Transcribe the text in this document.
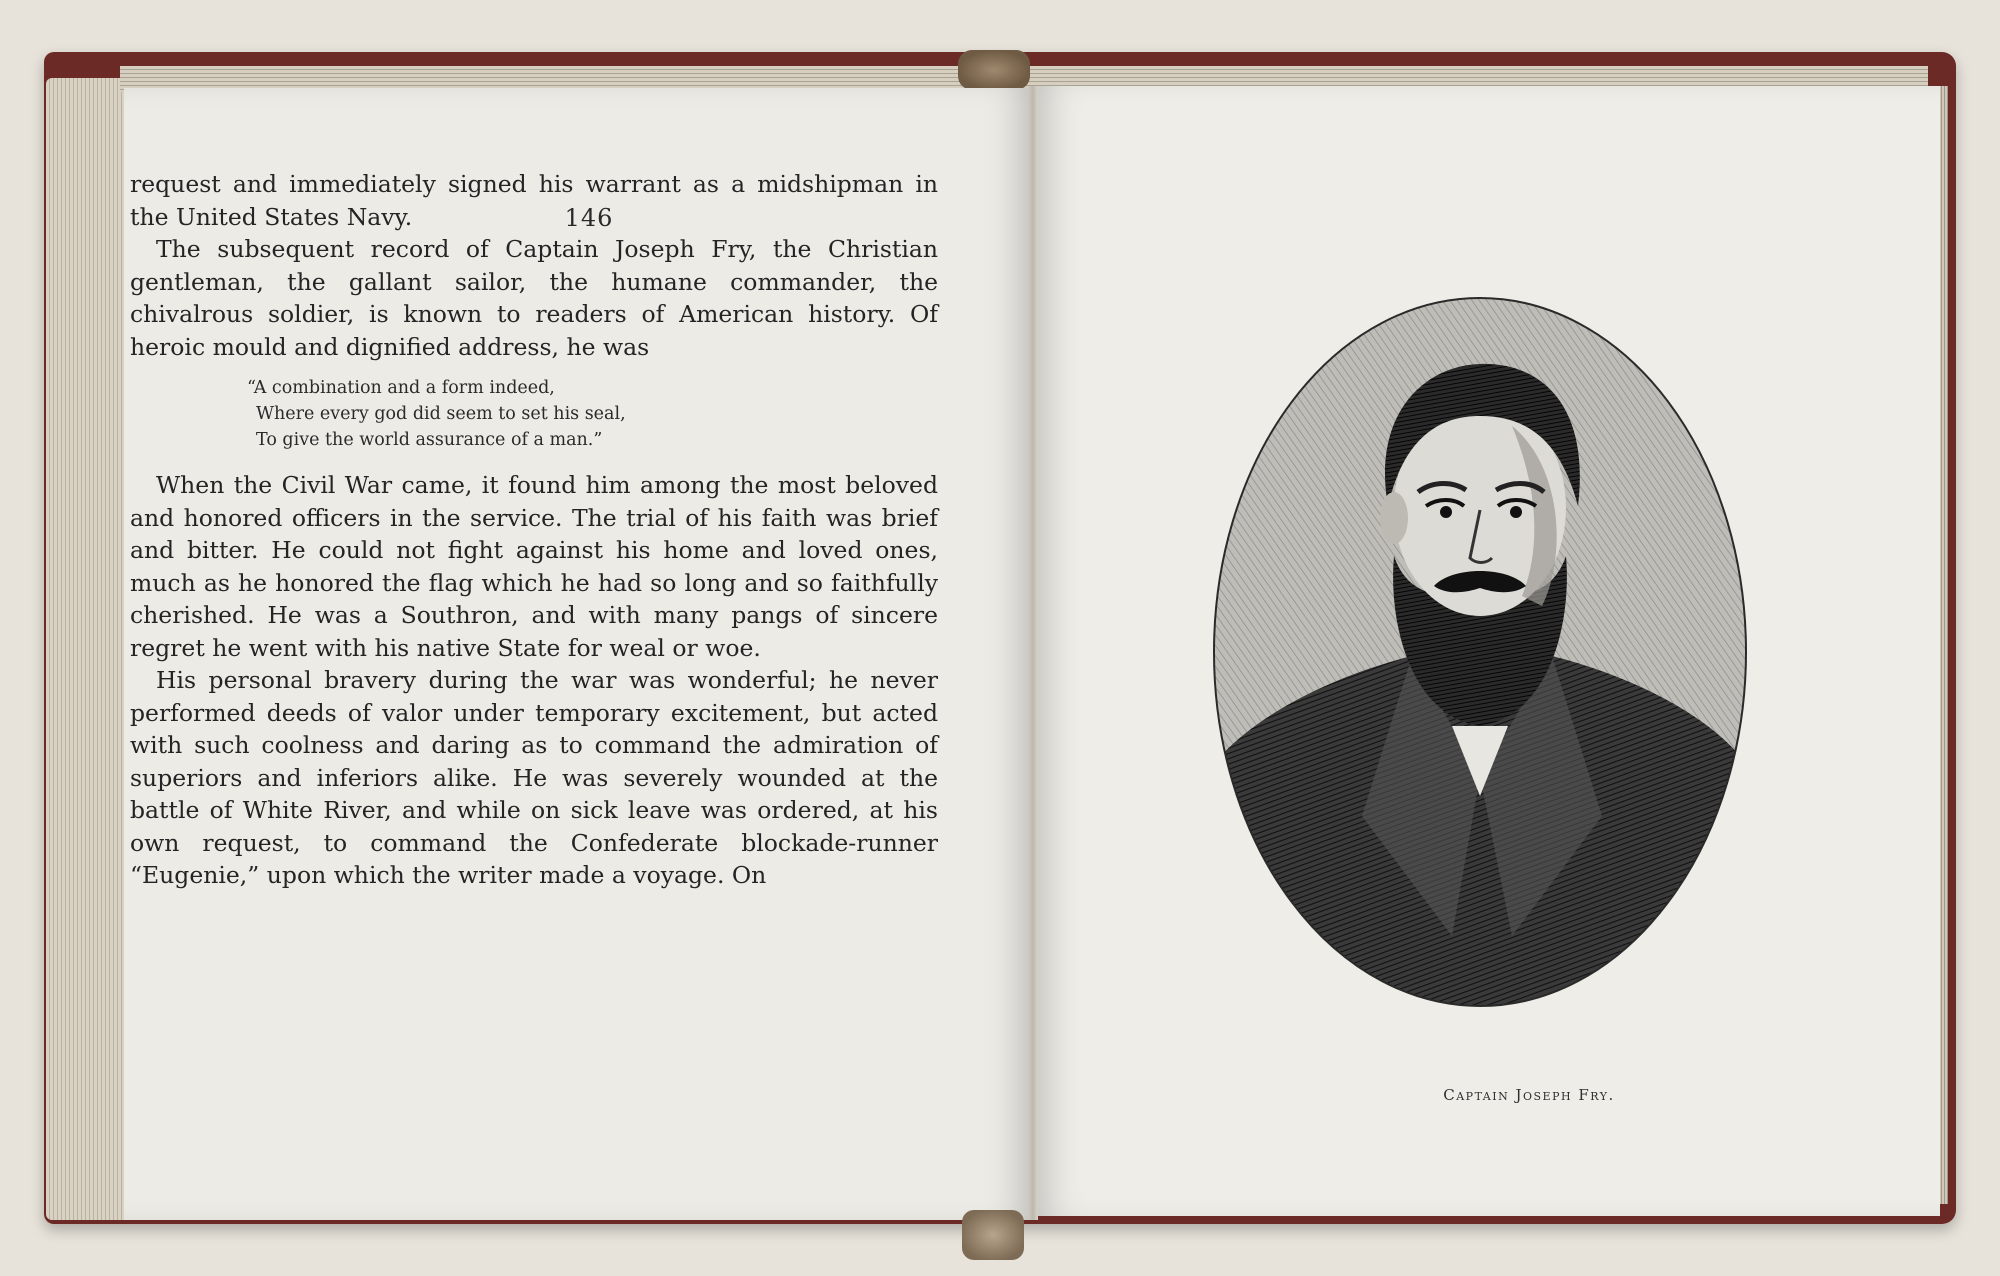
146

request and immediately signed his warrant as a midshipman in the United States Navy.

The subsequent record of Captain Joseph Fry, the Christian gentleman, the gallant sailor, the humane commander, the chivalrous soldier, is known to readers of American history. Of heroic mould and dignified address, he was

“A combination and a form indeed,
Where every god did seem to set his seal,
To give the world assurance of a man.”

When the Civil War came, it found him among the most beloved and honored officers in the service. The trial of his faith was brief and bitter. He could not fight against his home and loved ones, much as he honored the flag which he had so long and so faithfully cherished. He was a Southron, and with many pangs of sincere regret he went with his native State for weal or woe.

His personal bravery during the war was wonderful; he never performed deeds of valor under temporary excitement, but acted with such coolness and daring as to command the admiration of superiors and inferiors alike. He was severely wounded at the battle of White River, and while on sick leave was ordered, at his own request, to command the Confederate blockade-runner “Eugenie,” upon which the writer made a voyage. On

Captain Joseph Fry.
